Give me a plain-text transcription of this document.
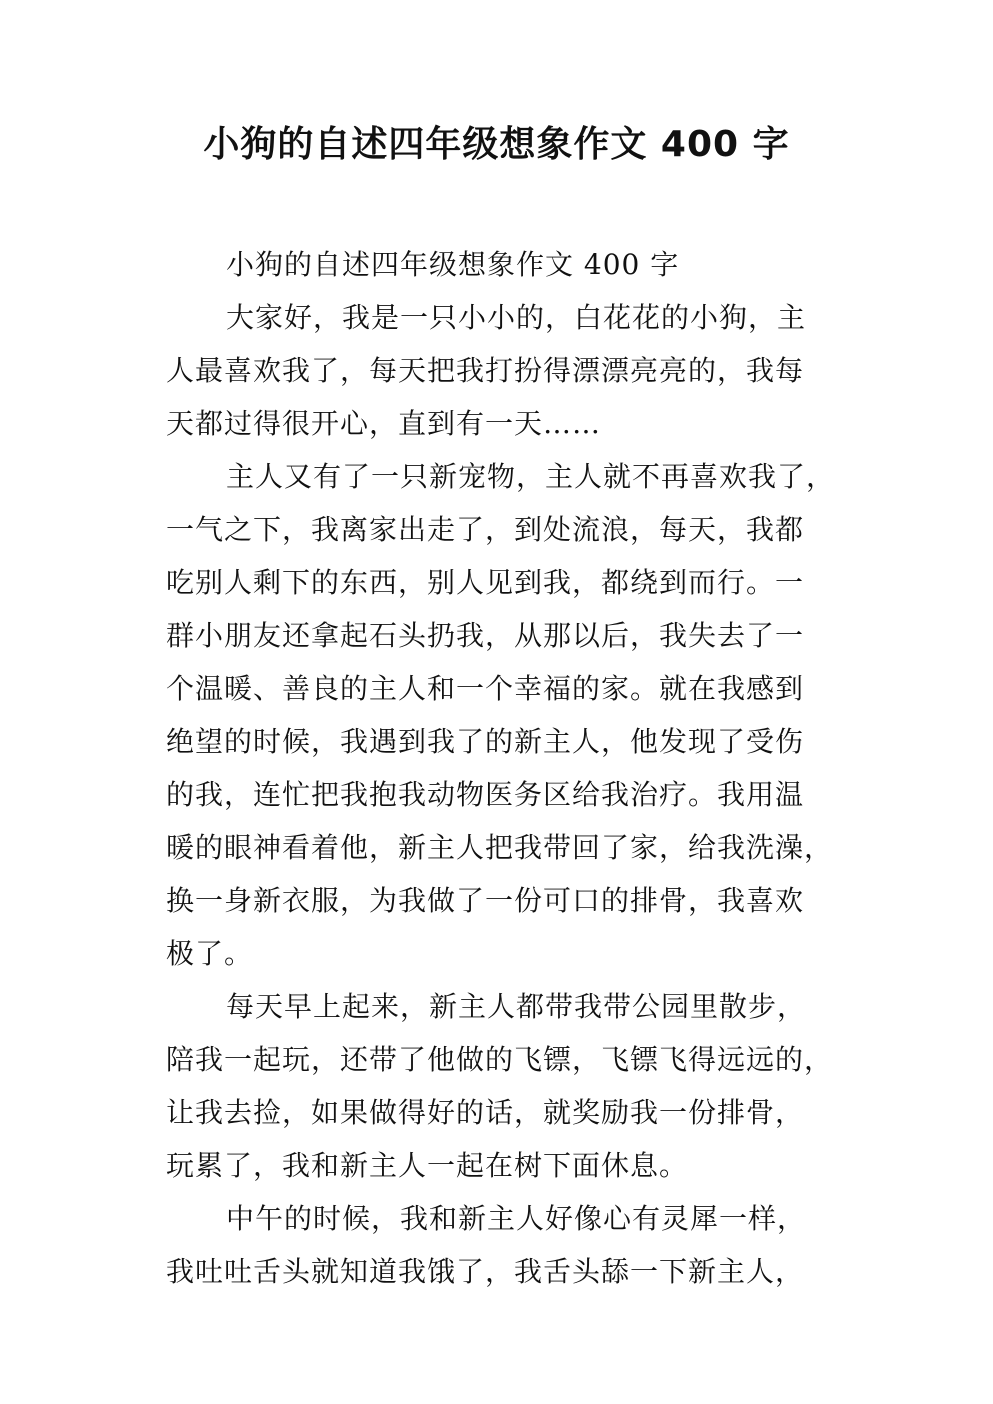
小狗的自述四年级想象作文 400 字
小狗的自述四年级想象作文 400 字
大家好，我是一只小小的，白花花的小狗，主
人最喜欢我了，每天把我打扮得漂漂亮亮的，我每
天都过得很开心，直到有一天……
主人又有了一只新宠物，主人就不再喜欢我了，
一气之下，我离家出走了，到处流浪，每天，我都
吃别人剩下的东西，别人见到我，都绕到而行。一
群小朋友还拿起石头扔我，从那以后，我失去了一
个温暖、善良的主人和一个幸福的家。就在我感到
绝望的时候，我遇到我了的新主人，他发现了受伤
的我，连忙把我抱我动物医务区给我治疗。我用温
暖的眼神看着他，新主人把我带回了家，给我洗澡，
换一身新衣服，为我做了一份可口的排骨，我喜欢
极了。
每天早上起来，新主人都带我带公园里散步，
陪我一起玩，还带了他做的飞镖，飞镖飞得远远的，
让我去捡，如果做得好的话，就奖励我一份排骨，
玩累了，我和新主人一起在树下面休息。
中午的时候，我和新主人好像心有灵犀一样，
我吐吐舌头就知道我饿了，我舌头舔一下新主人，
